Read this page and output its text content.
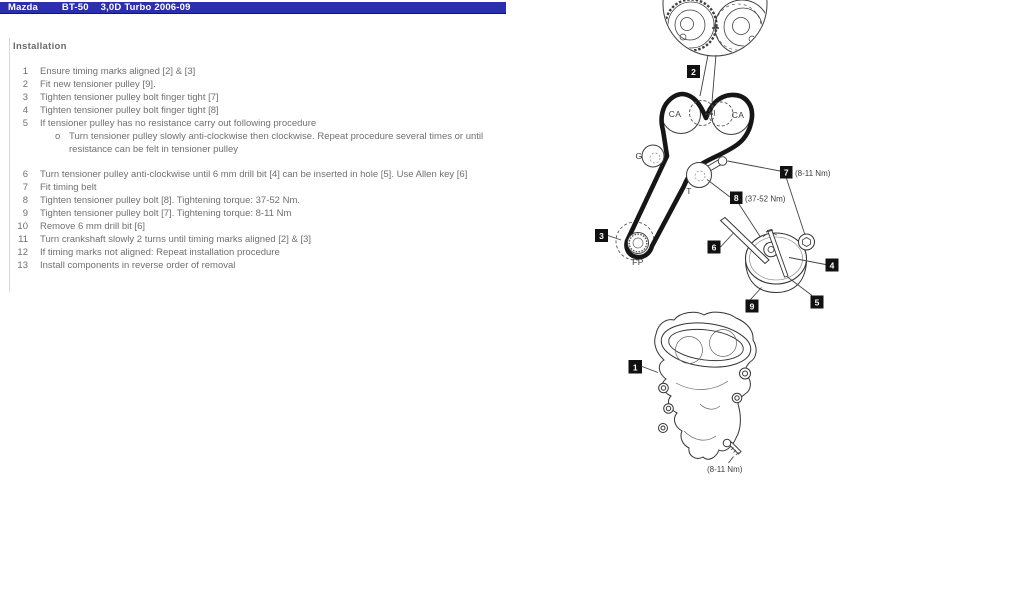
Mazda	BT-50 3,0D Turbo 2006-09
Installation
1 Ensure timing marks aligned [2] & [3]
2 Fit new tensioner pulley [9].
3 Tighten tensioner pulley bolt finger tight [7]
4 Tighten tensioner pulley bolt finger tight [8]
5 If tensioner pulley has no resistance carry out following procedure
o Turn tensioner pulley slowly anti-clockwise then clockwise. Repeat procedure several times or until resistance can be felt in tensioner pulley
6 Turn tensioner pulley anti-clockwise until 6 mm drill bit [4] can be inserted in hole [5]. Use Allen key [6]
7 Fit timing belt
8 Tighten tensioner pulley bolt [8]. Tightening torque: 37-52 Nm.
9 Tighten tensioner pulley bolt [7]. Tightening torque: 8-11 Nm
10 Remove 6 mm drill bit [6]
11 Turn crankshaft slowly 2 turns until timing marks aligned [2] & [3]
12 If timing marks not aligned: Repeat installation procedure
13 Install components in reverse order of removal
2
CA	CA
G
T
FP
3
7 (8-11 Nm)
8 (37-52 Nm)
6
4
5
9
1
(8-11 Nm)
